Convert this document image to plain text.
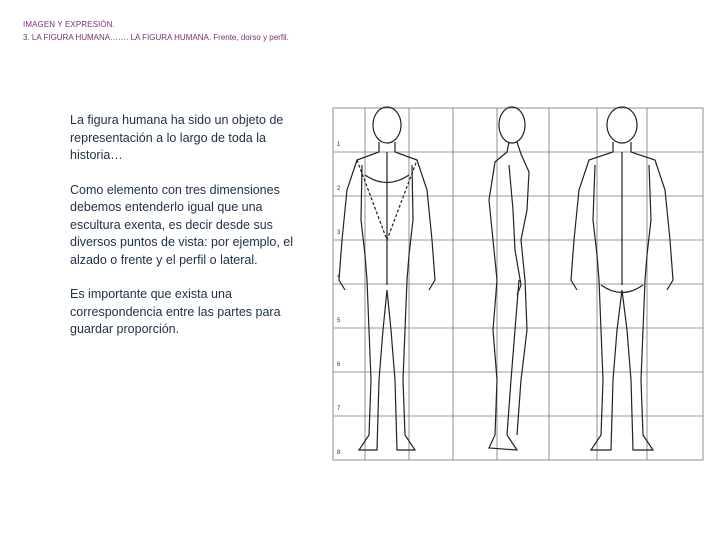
IMAGEN Y EXPRESIÓN.
3. LA FIGURA HUMANA……. LA FIGURA HUMANA. Frente, dorso y perfil.

La figura humana ha sido un objeto de representación a lo largo de toda la historia…

Como elemento con tres dimensiones debemos entenderlo igual que una escultura exenta, es decir desde sus diversos puntos de vista: por ejemplo, el alzado o frente y el perfil o lateral.

Es importante que exista una correspondencia entre las partes para guardar proporción.

1
2
3
4
5
6
7
8
